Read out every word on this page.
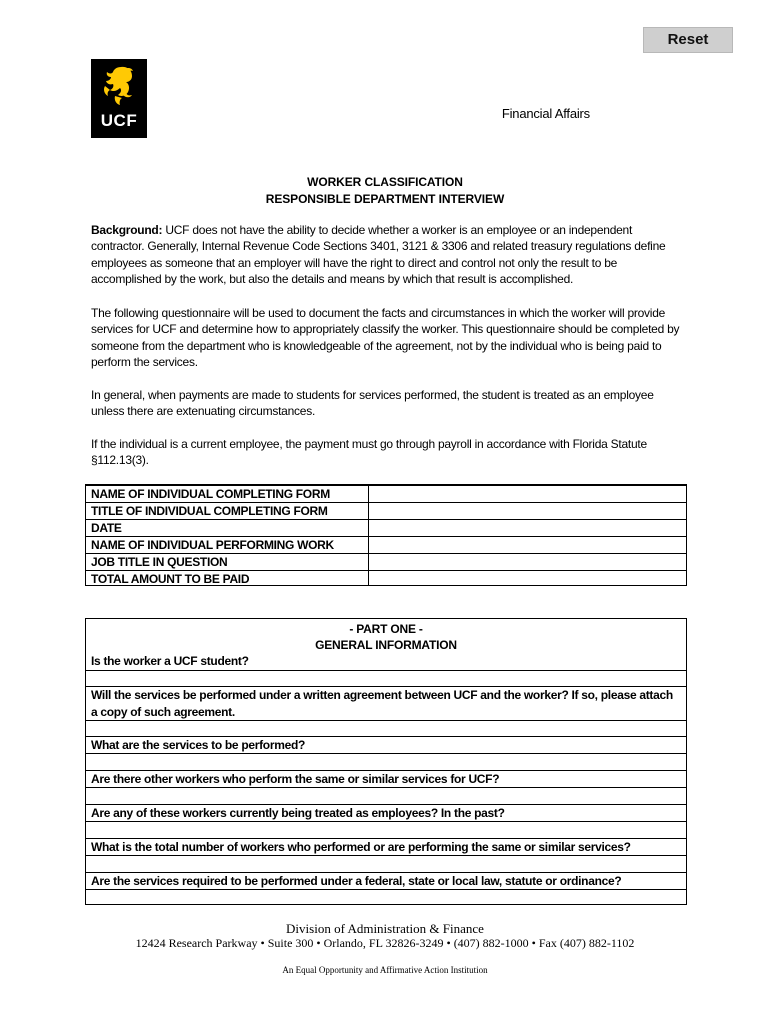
Reset
UCF	Financial Affairs
WORKER CLASSIFICATION
RESPONSIBLE DEPARTMENT INTERVIEW

Background: UCF does not have the ability to decide whether a worker is an employee or an independent contractor. Generally, Internal Revenue Code Sections 3401, 3121 & 3306 and related treasury regulations define employees as someone that an employer will have the right to direct and control not only the result to be accomplished by the work, but also the details and means by which that result is accomplished.

The following questionnaire will be used to document the facts and circumstances in which the worker will provide services for UCF and determine how to appropriately classify the worker. This questionnaire should be completed by someone from the department who is knowledgeable of the agreement, not by the individual who is being paid to perform the services.

In general, when payments are made to students for services performed, the student is treated as an employee unless there are extenuating circumstances.

If the individual is a current employee, the payment must go through payroll in accordance with Florida Statute §112.13(3).

NAME OF INDIVIDUAL COMPLETING FORM
TITLE OF INDIVIDUAL COMPLETING FORM
DATE
NAME OF INDIVIDUAL PERFORMING WORK
JOB TITLE IN QUESTION
TOTAL AMOUNT TO BE PAID
- PART ONE -
GENERAL INFORMATION
Is the worker a UCF student?
Will the services be performed under a written agreement between UCF and the worker? If so, please attach a copy of such agreement.
What are the services to be performed?
Are there other workers who perform the same or similar services for UCF?
Are any of these workers currently being treated as employees? In the past?
What is the total number of workers who performed or are performing the same or similar services?
Are the services required to be performed under a federal, state or local law, statute or ordinance?
Division of Administration & Finance
12424 Research Parkway • Suite 300 • Orlando, FL 32826-3249 • (407) 882-1000 • Fax (407) 882-1102
An Equal Opportunity and Affirmative Action Institution
